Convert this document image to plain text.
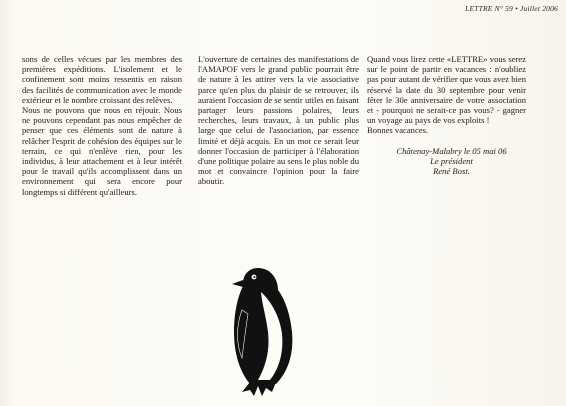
LETTRE N° 59 • Juillet 2006

sons de celles vécues par les membres des premières expéditions. L'isolement et le confinement sont moins ressentis en raison des facilités de communication avec le monde extérieur et le nombre croissant des relèves.

Nous ne pouvons que nous en réjouir. Nous ne pouvons cependant pas nous empêcher de penser que ces éléments sont de nature à relâcher l'esprit de cohésion des équipes sur le terrain, ce qui n'enlève rien, pour les individus, à leur attachement et à leur intérêt pour le travail qu'ils accomplissent dans un environnement qui sera encore pour longtemps si différent qu'ailleurs.

L'ouverture de certaines des manifestations de l'AMAPOF vers le grand public pourrait être de nature à les attirer vers la vie associative parce qu'en plus du plaisir de se retrouver, ils auraient l'occasion de se sentir utiles en faisant partager leurs passions polaires, leurs recherches, leurs travaux, à un public plus large que celui de l'association, par essence limité et déjà acquis. En un mot ce serait leur donner l'occasion de participer à l'élaboration d'une politique polaire au sens le plus noble du mot et convaincre l'opinion pour la faire aboutir.

Quand vous lirez cette «LETTRE» vous serez sur le point de partir en vacances : n'oubliez pas pour autant de vérifier que vous avez bien réservé la date du 30 septembre pour venir fêter le 30e anniversaire de votre association et - pourquoi ne serait-ce pas vous? - gagner un voyage au pays de vos exploits !

Bonnes vacances.

Châtenay-Malabry le 05 mai 06
Le président
René Bost.
